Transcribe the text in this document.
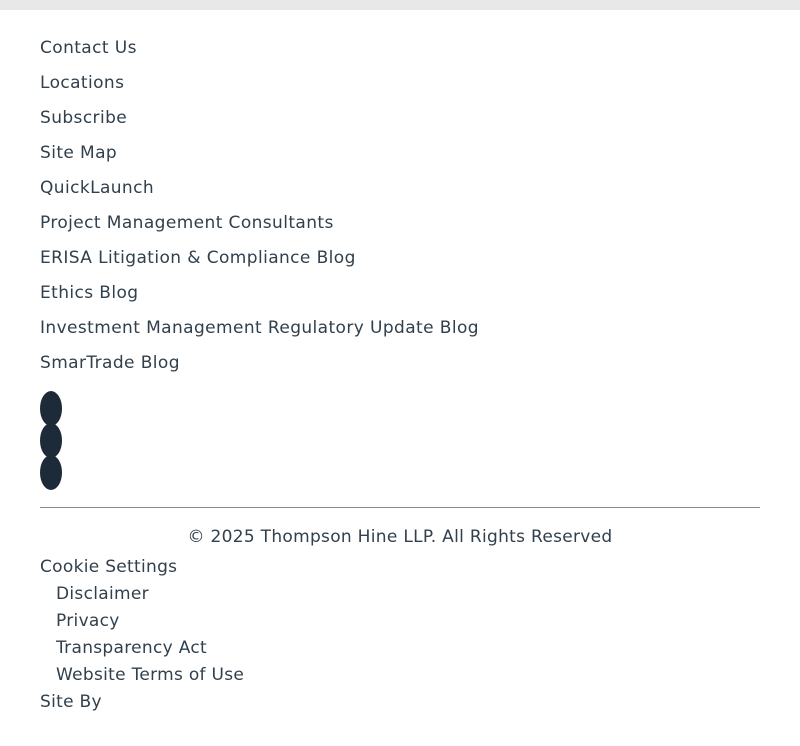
Contact Us
Locations
Subscribe
Site Map
QuickLaunch
Project Management Consultants
ERISA Litigation & Compliance Blog
Ethics Blog
Investment Management Regulatory Update Blog
SmarTrade Blog
© 2025 Thompson Hine LLP. All Rights Reserved
Cookie Settings
Disclaimer
Privacy
Transparency Act
Website Terms of Use
Site By
